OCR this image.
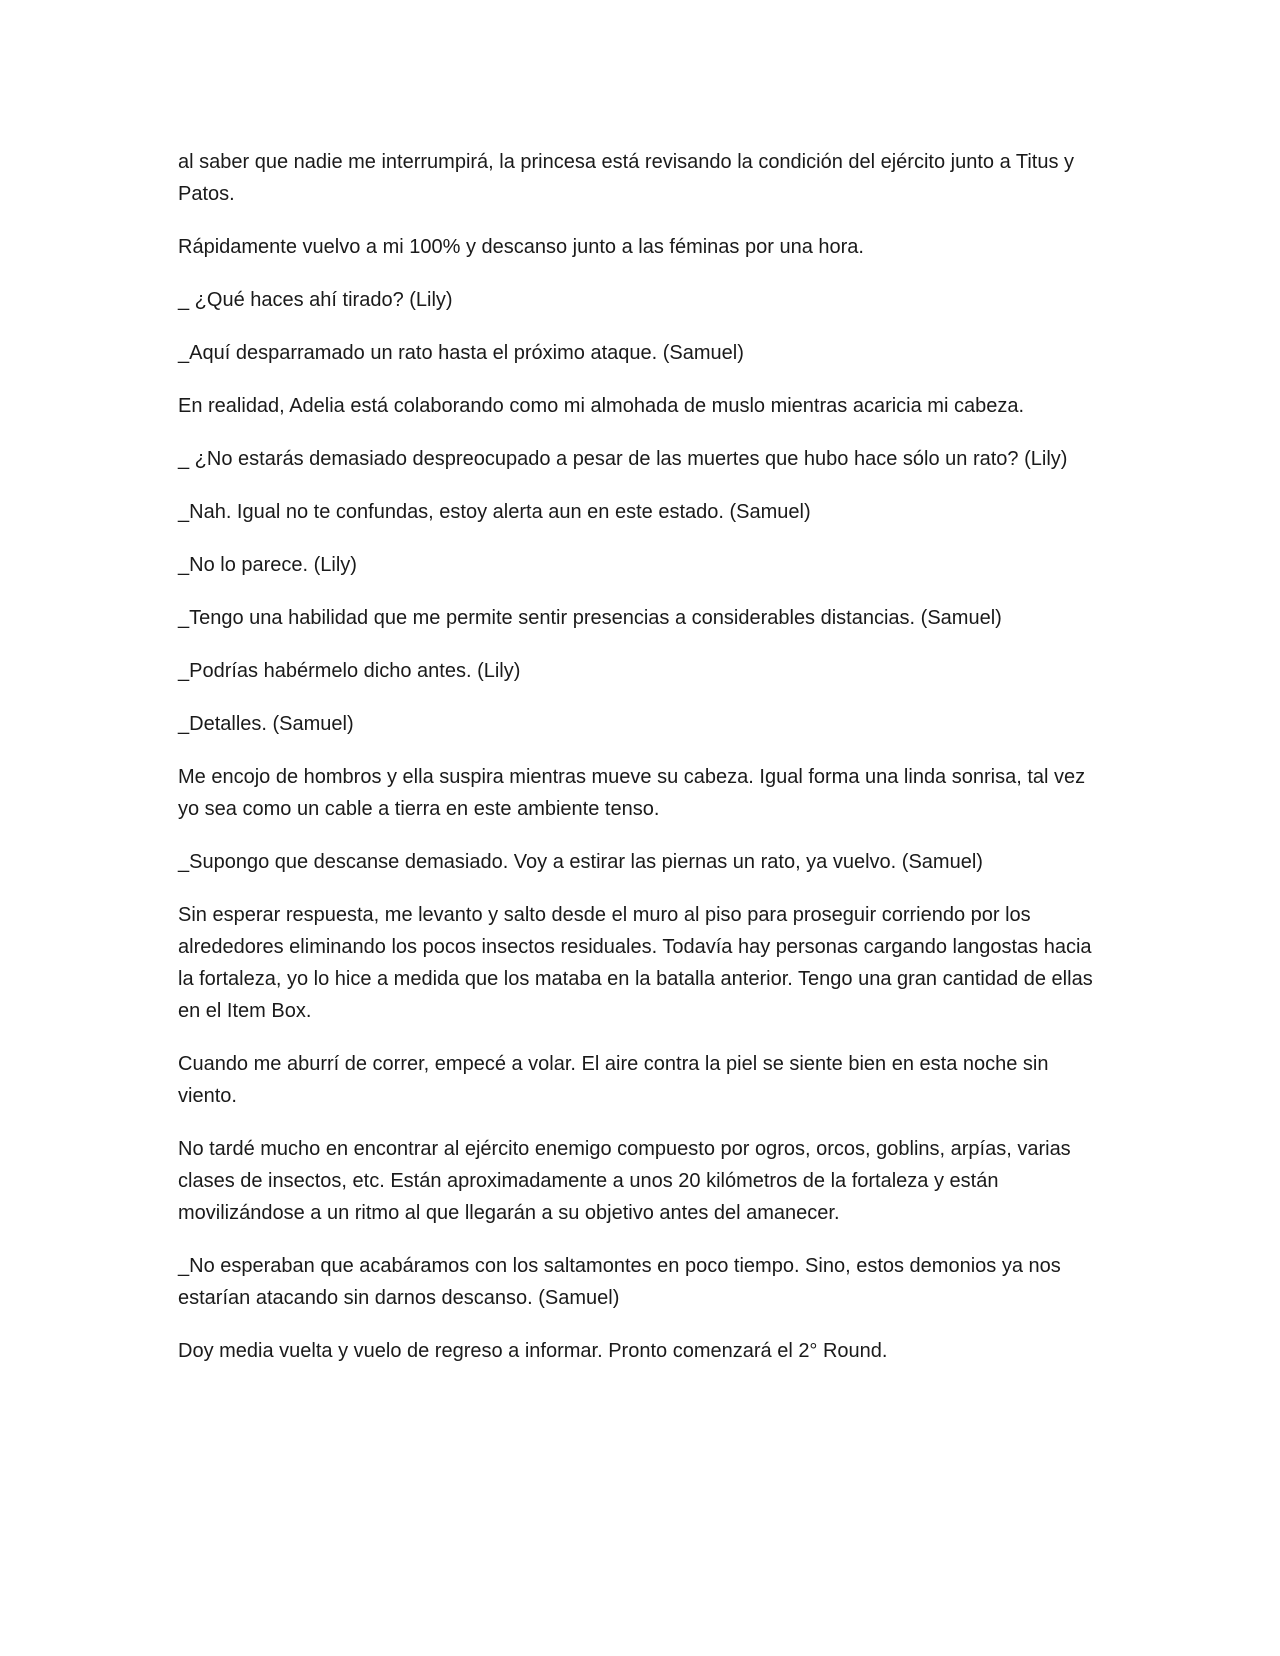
al saber que nadie me interrumpirá, la princesa está revisando la condición del ejército junto a Titus y Patos.

Rápidamente vuelvo a mi 100% y descanso junto a las féminas por una hora.

_ ¿Qué haces ahí tirado? (Lily)

_Aquí desparramado un rato hasta el próximo ataque. (Samuel)

En realidad, Adelia está colaborando como mi almohada de muslo mientras acaricia mi cabeza.

_ ¿No estarás demasiado despreocupado a pesar de las muertes que hubo hace sólo un rato? (Lily)

_Nah. Igual no te confundas, estoy alerta aun en este estado. (Samuel)

_No lo parece. (Lily)

_Tengo una habilidad que me permite sentir presencias a considerables distancias. (Samuel)

_Podrías habérmelo dicho antes. (Lily)

_Detalles. (Samuel)

Me encojo de hombros y ella suspira mientras mueve su cabeza. Igual forma una linda sonrisa, tal vez yo sea como un cable a tierra en este ambiente tenso.

_Supongo que descanse demasiado. Voy a estirar las piernas un rato, ya vuelvo. (Samuel)

Sin esperar respuesta, me levanto y salto desde el muro al piso para proseguir corriendo por los alrededores eliminando los pocos insectos residuales. Todavía hay personas cargando langostas hacia la fortaleza, yo lo hice a medida que los mataba en la batalla anterior. Tengo una gran cantidad de ellas en el Item Box.

Cuando me aburrí de correr, empecé a volar. El aire contra la piel se siente bien en esta noche sin viento.

No tardé mucho en encontrar al ejército enemigo compuesto por ogros, orcos, goblins, arpías, varias clases de insectos, etc. Están aproximadamente a unos 20 kilómetros de la fortaleza y están movilizándose a un ritmo al que llegarán a su objetivo antes del amanecer.

_No esperaban que acabáramos con los saltamontes en poco tiempo. Sino, estos demonios ya nos estarían atacando sin darnos descanso. (Samuel)

Doy media vuelta y vuelo de regreso a informar. Pronto comenzará el 2° Round.
